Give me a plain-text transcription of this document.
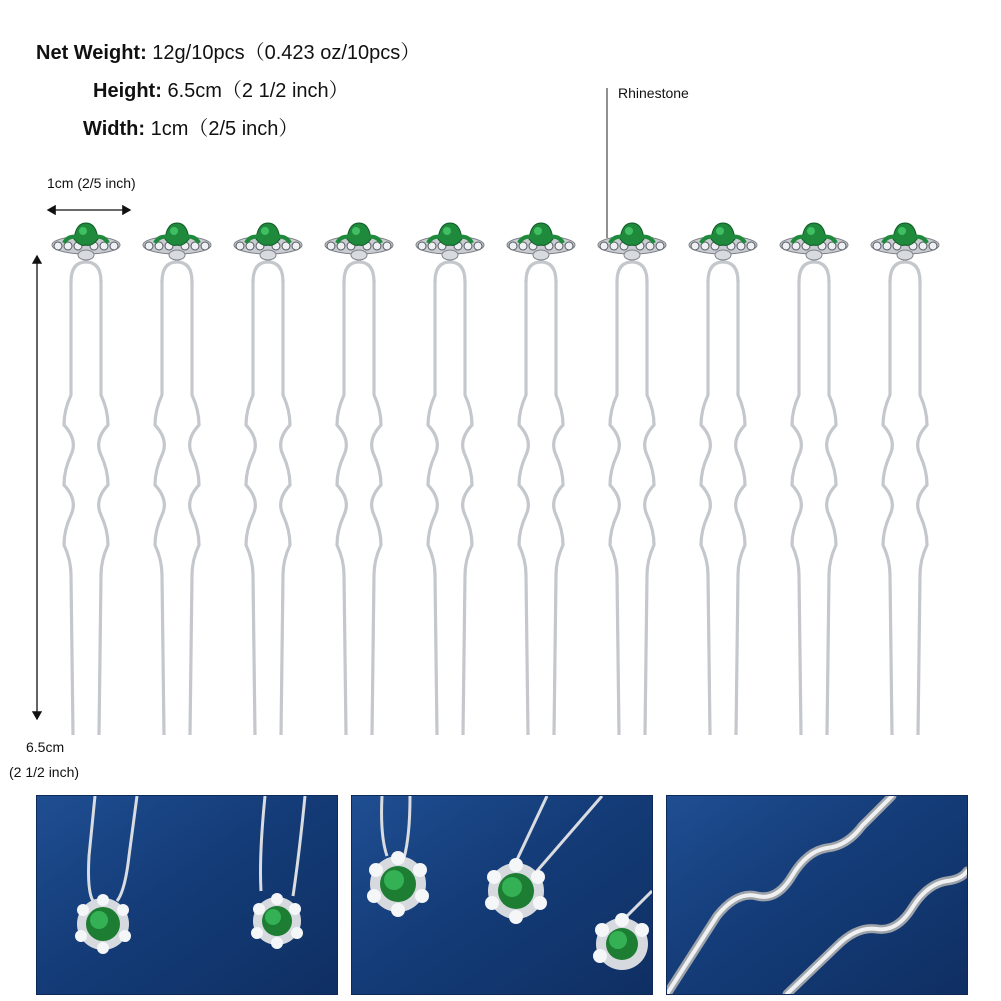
Net Weight: 12g/10pcs（0.423 oz/10pcs）
Height: 6.5cm（2 1/2 inch）
Width: 1cm（2/5 inch）
Rhinestone
1cm (2/5 inch)
6.5cm
(2 1/2 inch)
